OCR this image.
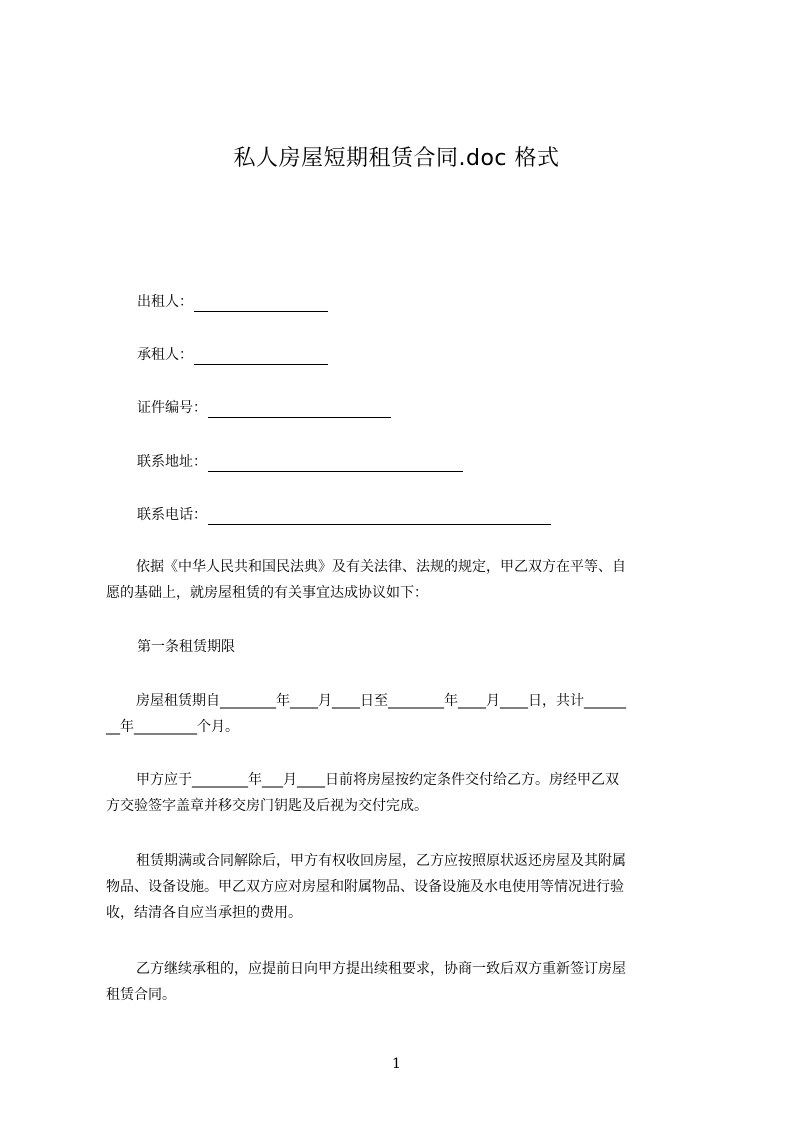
私人房屋短期租赁合同.doc 格式
出租人：
承租人：
证件编号：
联系地址：
联系电话：
依据《中华人民共和国民法典》及有关法律、法规的规定，甲乙双方在平等、自
愿的基础上，就房屋租赁的有关事宜达成协议如下：
第一条租赁期限
房屋租赁期自________年____月____日至________年____月____日，共计______
__年_________个月。
甲方应于________年___月____日前将房屋按约定条件交付给乙方。房经甲乙双
方交验签字盖章并移交房门钥匙及后视为交付完成。
租赁期满或合同解除后，甲方有权收回房屋，乙方应按照原状返还房屋及其附属
物品、设备设施。甲乙双方应对房屋和附属物品、设备设施及水电使用等情况进行验
收，结清各自应当承担的费用。
乙方继续承租的，应提前日向甲方提出续租要求，协商一致后双方重新签订房屋
租赁合同。
1
